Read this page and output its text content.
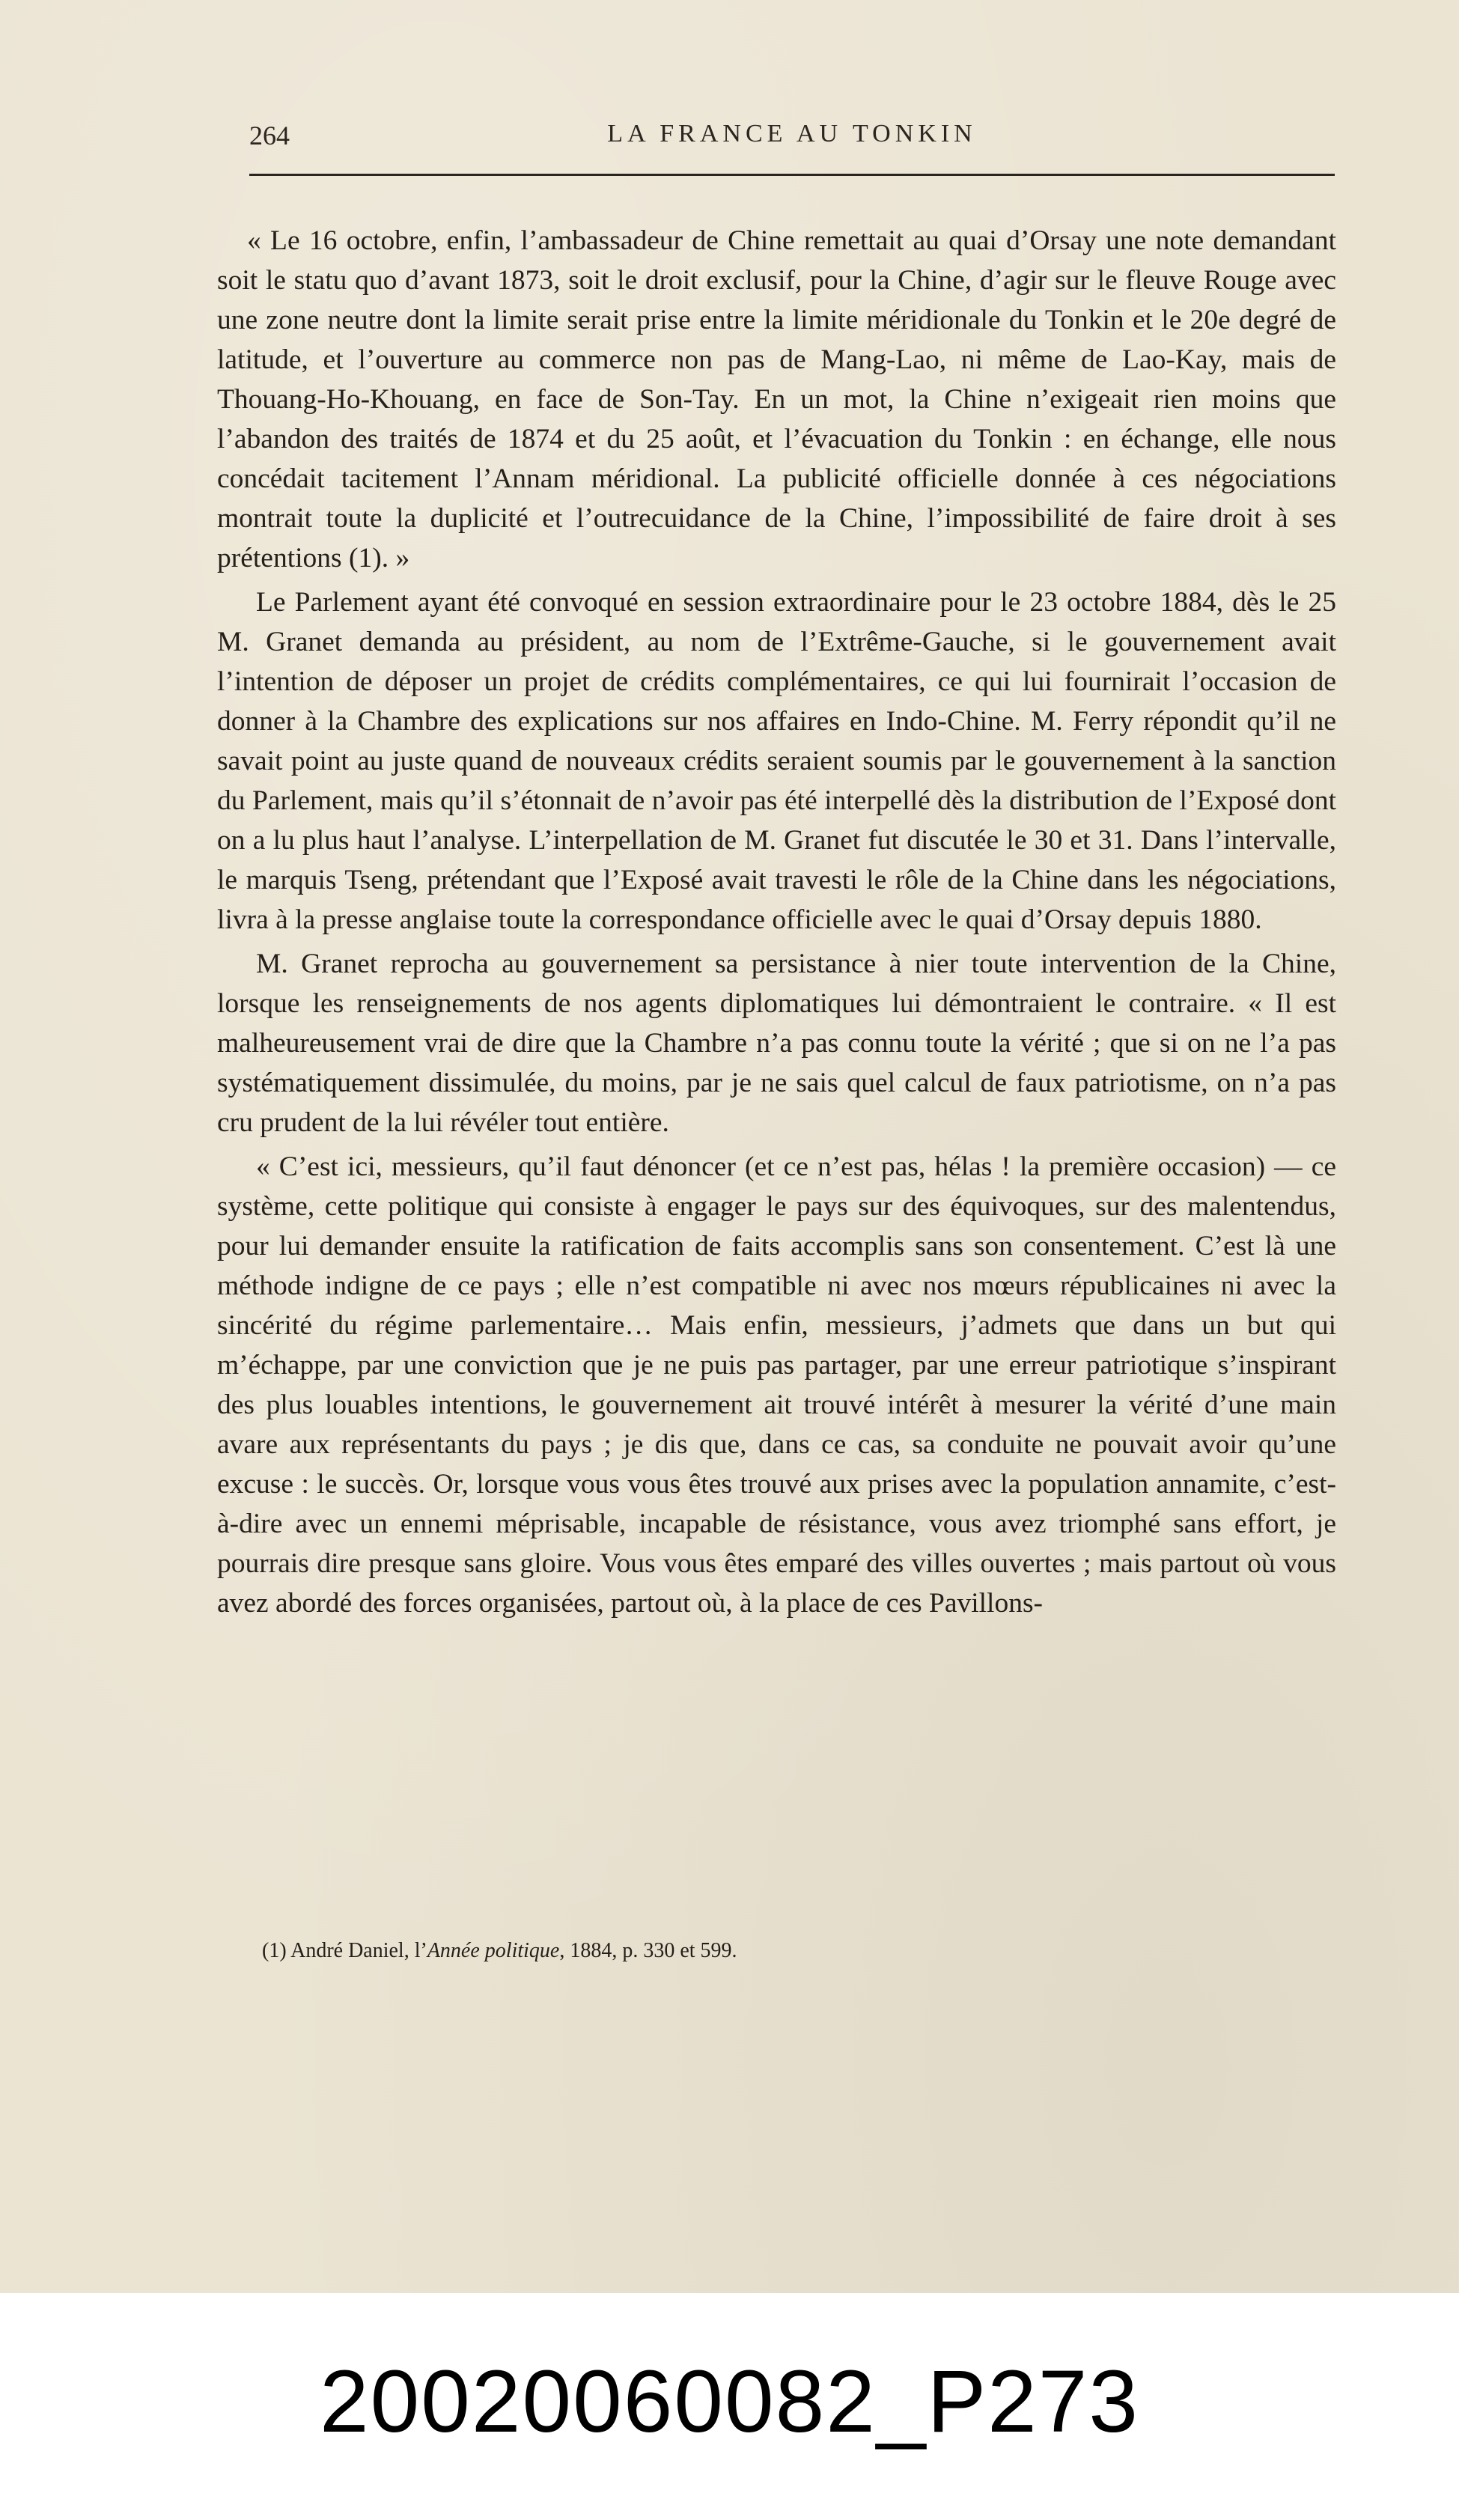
264	LA FRANCE AU TONKIN

« Le 16 octobre, enfin, l’ambassadeur de Chine remettait au quai d’Orsay une note demandant soit le statu quo d’avant 1873, soit le droit exclusif, pour la Chine, d’agir sur le fleuve Rouge avec une zone neutre dont la limite serait prise entre la limite méridionale du Tonkin et le 20e degré de latitude, et l’ouverture au commerce non pas de Mang-Lao, ni même de Lao-Kay, mais de Thouang-Ho-Khouang, en face de Son-Tay. En un mot, la Chine n’exigeait rien moins que l’abandon des traités de 1874 et du 25 août, et l’évacuation du Tonkin : en échange, elle nous concédait tacitement l’Annam méridional. La publicité officielle donnée à ces négociations montrait toute la duplicité et l’outrecuidance de la Chine, l’impossibilité de faire droit à ses prétentions (1). »

Le Parlement ayant été convoqué en session extraordinaire pour le 23 octobre 1884, dès le 25 M. Granet demanda au président, au nom de l’Extrême-Gauche, si le gouvernement avait l’intention de déposer un projet de crédits complémentaires, ce qui lui fournirait l’occasion de donner à la Chambre des explications sur nos affaires en Indo-Chine. M. Ferry répondit qu’il ne savait point au juste quand de nouveaux crédits seraient soumis par le gouvernement à la sanction du Parlement, mais qu’il s’étonnait de n’avoir pas été interpellé dès la distribution de l’Exposé dont on a lu plus haut l’analyse. L’interpellation de M. Granet fut discutée le 30 et 31. Dans l’intervalle, le marquis Tseng, prétendant que l’Exposé avait travesti le rôle de la Chine dans les négociations, livra à la presse anglaise toute la correspondance officielle avec le quai d’Orsay depuis 1880.

M. Granet reprocha au gouvernement sa persistance à nier toute intervention de la Chine, lorsque les renseignements de nos agents diplomatiques lui démontraient le contraire. « Il est malheureusement vrai de dire que la Chambre n’a pas connu toute la vérité ; que si on ne l’a pas systématiquement dissimulée, du moins, par je ne sais quel calcul de faux patriotisme, on n’a pas cru prudent de la lui révéler tout entière.

« C’est ici, messieurs, qu’il faut dénoncer (et ce n’est pas, hélas ! la première occasion) — ce système, cette politique qui consiste à engager le pays sur des équivoques, sur des malentendus, pour lui demander ensuite la ratification de faits accomplis sans son consentement. C’est là une méthode indigne de ce pays ; elle n’est compatible ni avec nos mœurs républicaines ni avec la sincérité du régime parlementaire… Mais enfin, messieurs, j’admets que dans un but qui m’échappe, par une conviction que je ne puis pas partager, par une erreur patriotique s’inspirant des plus louables intentions, le gouvernement ait trouvé intérêt à mesurer la vérité d’une main avare aux représentants du pays ; je dis que, dans ce cas, sa conduite ne pouvait avoir qu’une excuse : le succès. Or, lorsque vous vous êtes trouvé aux prises avec la population annamite, c’est-à-dire avec un ennemi méprisable, incapable de résistance, vous avez triomphé sans effort, je pourrais dire presque sans gloire. Vous vous êtes emparé des villes ouvertes ; mais partout où vous avez abordé des forces organisées, partout où, à la place de ces Pavillons-

(1) André Daniel, l’Année politique, 1884, p. 330 et 599.
20020060082_P273
